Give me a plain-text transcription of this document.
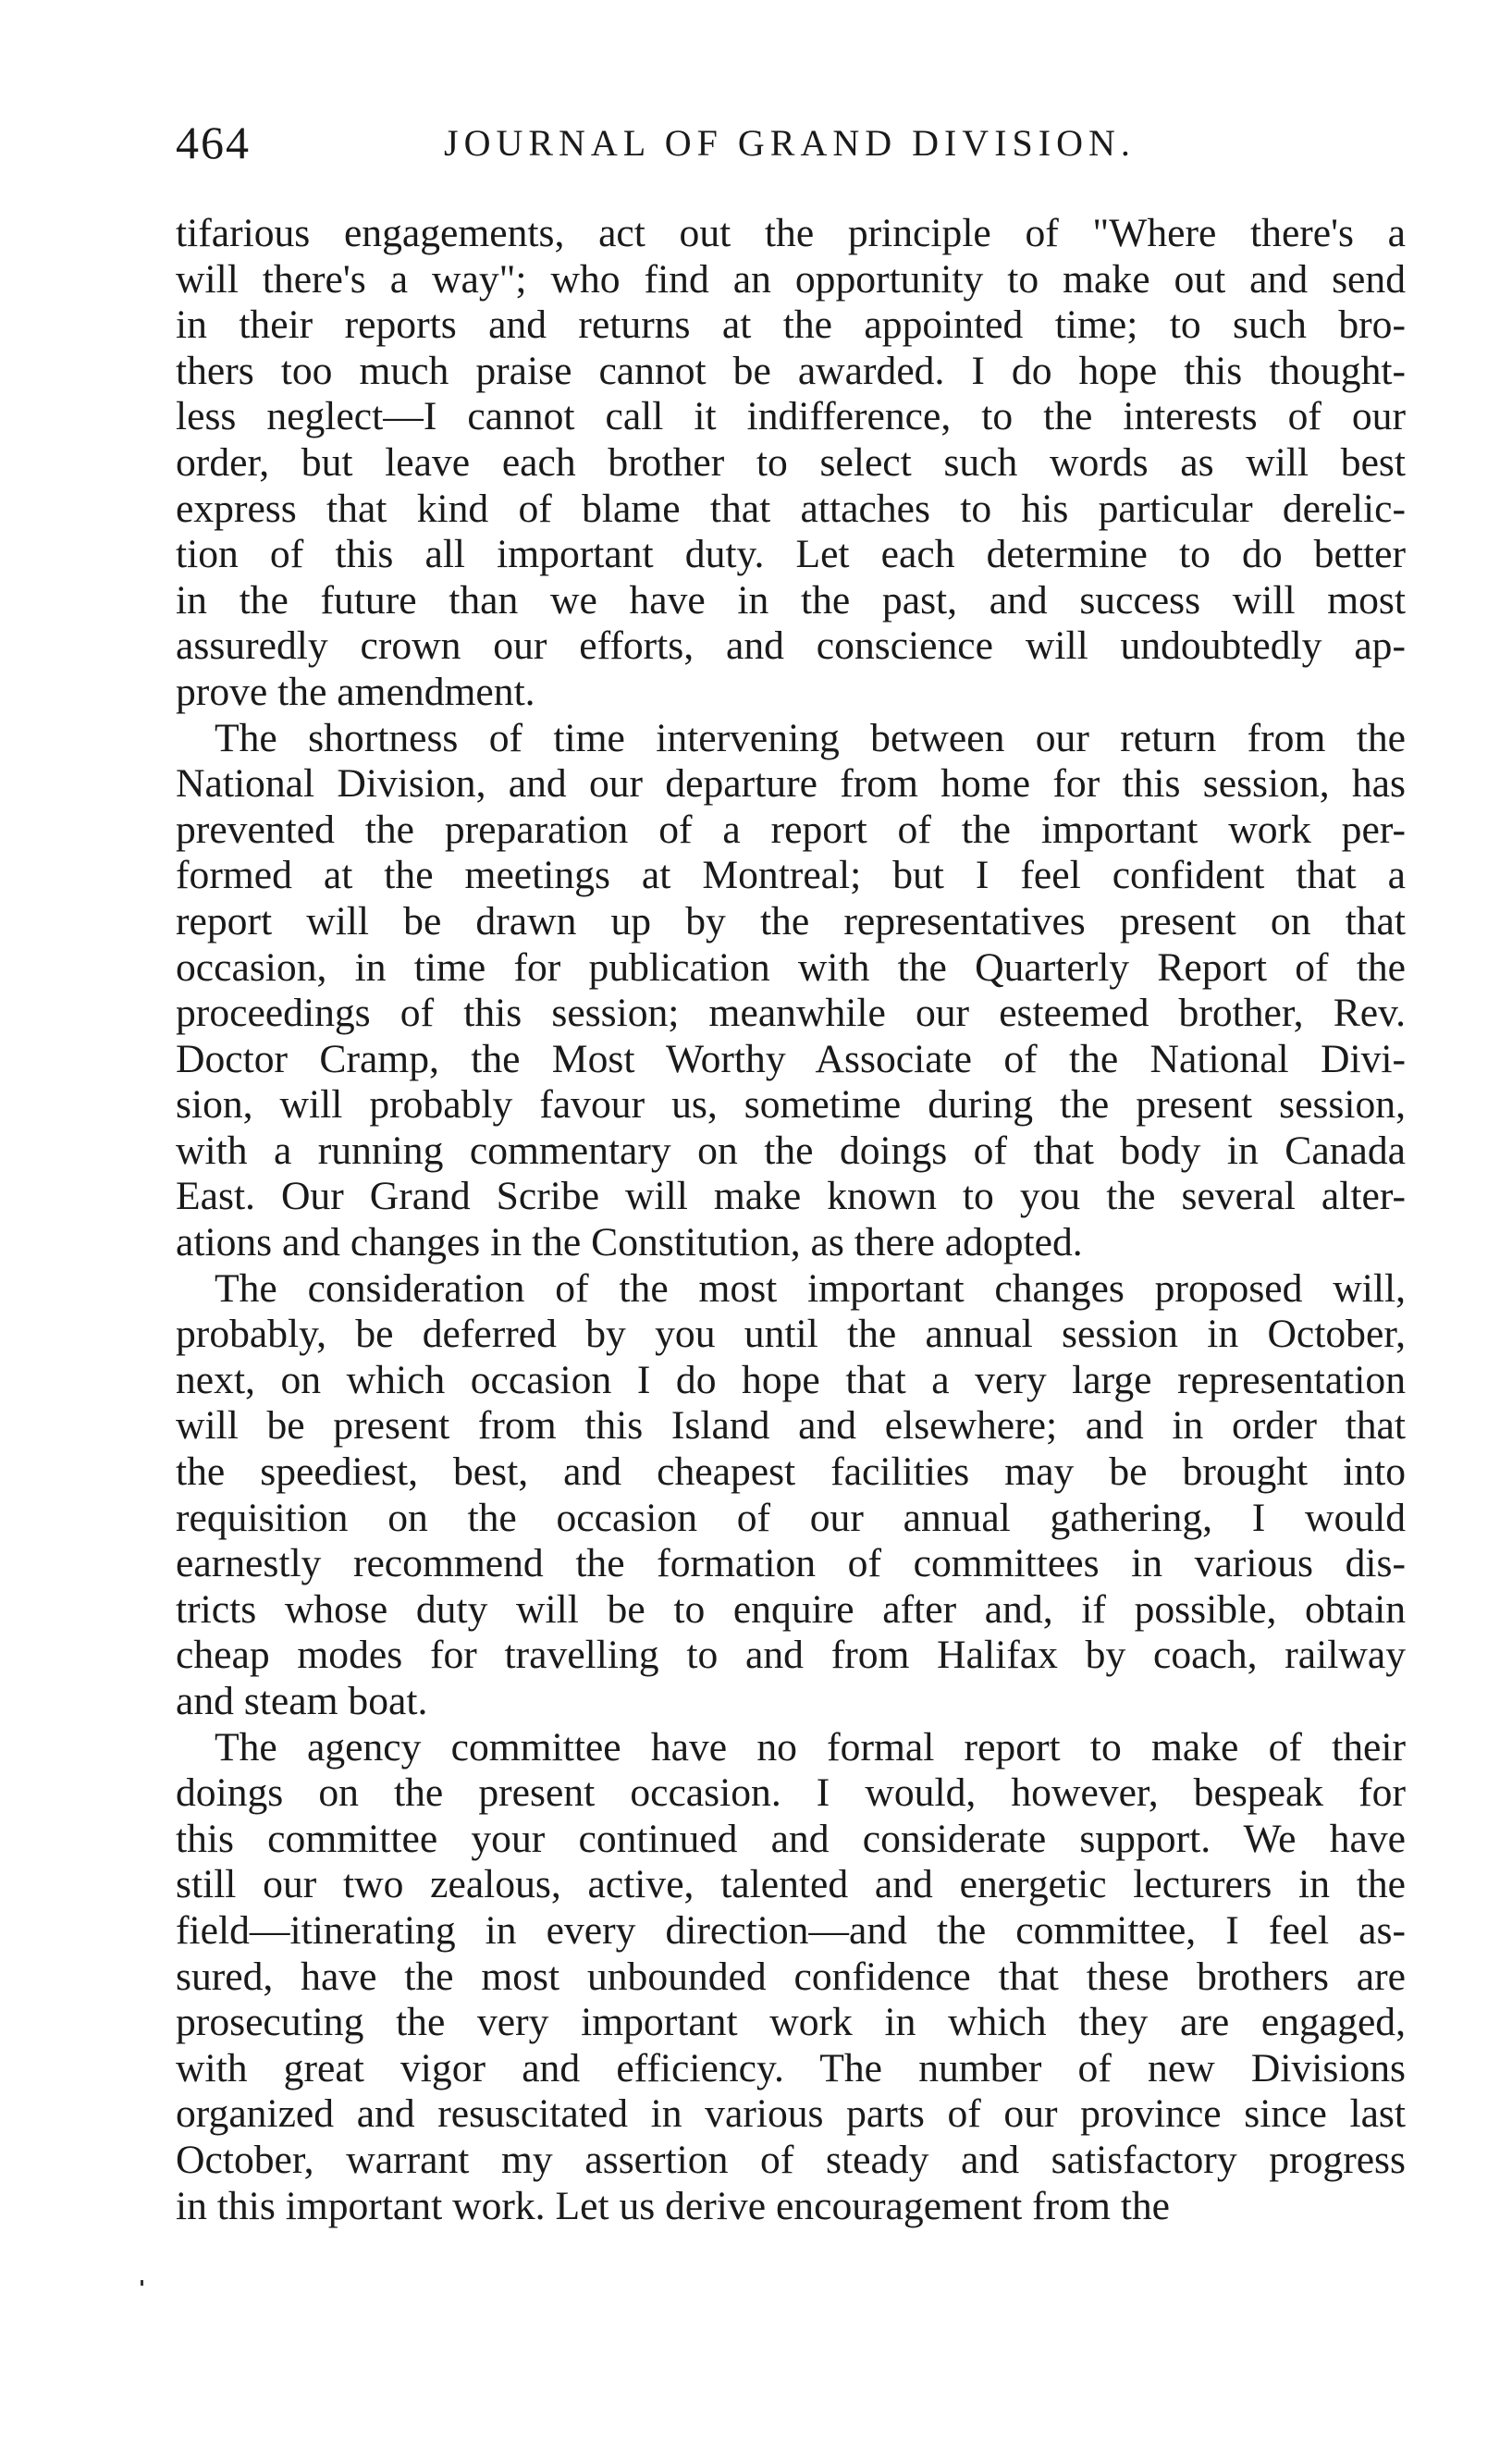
464	JOURNAL OF GRAND DIVISION.
tifarious engagements, act out the principle of "Where there's a
will there's a way"; who find an opportunity to make out and send
in their reports and returns at the appointed time; to such bro-
thers too much praise cannot be awarded. I do hope this thought-
less neglect—I cannot call it indifference, to the interests of our
order, but leave each brother to select such words as will best
express that kind of blame that attaches to his particular derelic-
tion of this all important duty. Let each determine to do better
in the future than we have in the past, and success will most
assuredly crown our efforts, and conscience will undoubtedly ap-
prove the amendment.
The shortness of time intervening between our return from the
National Division, and our departure from home for this session, has
prevented the preparation of a report of the important work per-
formed at the meetings at Montreal; but I feel confident that a
report will be drawn up by the representatives present on that
occasion, in time for publication with the Quarterly Report of the
proceedings of this session; meanwhile our esteemed brother, Rev.
Doctor Cramp, the Most Worthy Associate of the National Divi-
sion, will probably favour us, sometime during the present session,
with a running commentary on the doings of that body in Canada
East. Our Grand Scribe will make known to you the several alter-
ations and changes in the Constitution, as there adopted.
The consideration of the most important changes proposed will,
probably, be deferred by you until the annual session in October,
next, on which occasion I do hope that a very large representation
will be present from this Island and elsewhere; and in order that
the speediest, best, and cheapest facilities may be brought into
requisition on the occasion of our annual gathering, I would
earnestly recommend the formation of committees in various dis-
tricts whose duty will be to enquire after and, if possible, obtain
cheap modes for travelling to and from Halifax by coach, railway
and steam boat.
The agency committee have no formal report to make of their
doings on the present occasion. I would, however, bespeak for
this committee your continued and considerate support. We have
still our two zealous, active, talented and energetic lecturers in the
field—itinerating in every direction—and the committee, I feel as-
sured, have the most unbounded confidence that these brothers are
prosecuting the very important work in which they are engaged,
with great vigor and efficiency. The number of new Divisions
organized and resuscitated in various parts of our province since last
October, warrant my assertion of steady and satisfactory progress
in this important work. Let us derive encouragement from the
